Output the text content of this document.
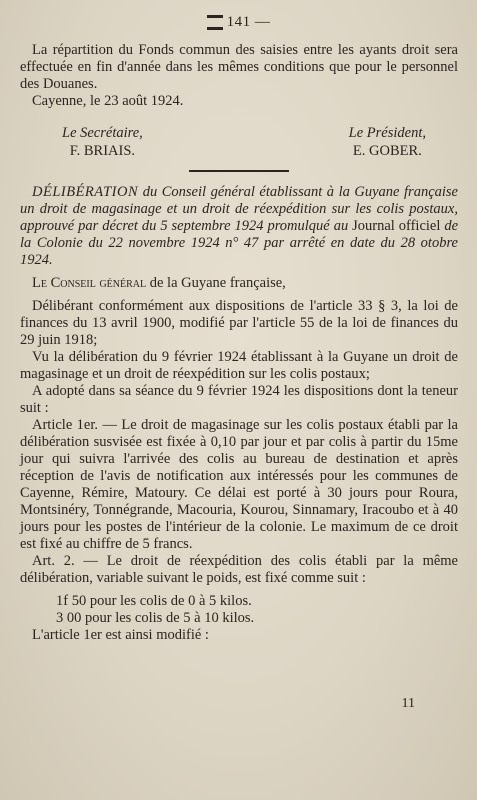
141 —

La répartition du Fonds commun des saisies entre les ayants droit sera effectuée en fin d'année dans les mêmes conditions que pour le personnel des Douanes.

Cayenne, le 23 août 1924.

Le Secrétaire,
F. BRIAIS.
Le Président,
E. GOBER.

DÉLIBÉRATION du Conseil général établissant à la Guyane française un droit de magasinage et un droit de réexpédition sur les colis postaux, approuvé par décret du 5 septembre 1924 promulqué au Journal officiel de la Colonie du 22 novembre 1924 n° 47 par arrêté en date du 28 otobre 1924.

Le Conseil général de la Guyane française,

Délibérant conformément aux dispositions de l'article 33 § 3, la loi de finances du 13 avril 1900, modifié par l'article 55 de la loi de finances du 29 juin 1918;

Vu la délibération du 9 février 1924 établissant à la Guyane un droit de magasinage et un droit de réexpédition sur les colis postaux;

A adopté dans sa séance du 9 février 1924 les dispositions dont la teneur suit :

Article 1er. — Le droit de magasinage sur les colis postaux établi par la délibération susvisée est fixée à 0,10 par jour et par colis à partir du 15me jour qui suivra l'arrivée des colis au bureau de destination et après réception de l'avis de notification aux intéressés pour les communes de Cayenne, Rémire, Matoury. Ce délai est porté à 30 jours pour Roura, Montsinéry, Tonnégrande, Macouria, Kourou, Sinnamary, Iracoubo et à 40 jours pour les postes de l'intérieur de la colonie. Le maximum de ce droit est fixé au chiffre de 5 francs.

Art. 2. — Le droit de réexpédition des colis établi par la même délibération, variable suivant le poids, est fixé comme suit :

1f 50 pour les colis de 0 à 5 kilos.

3 00 pour les colis de 5 à 10 kilos.

L'article 1er est ainsi modifié :

11
